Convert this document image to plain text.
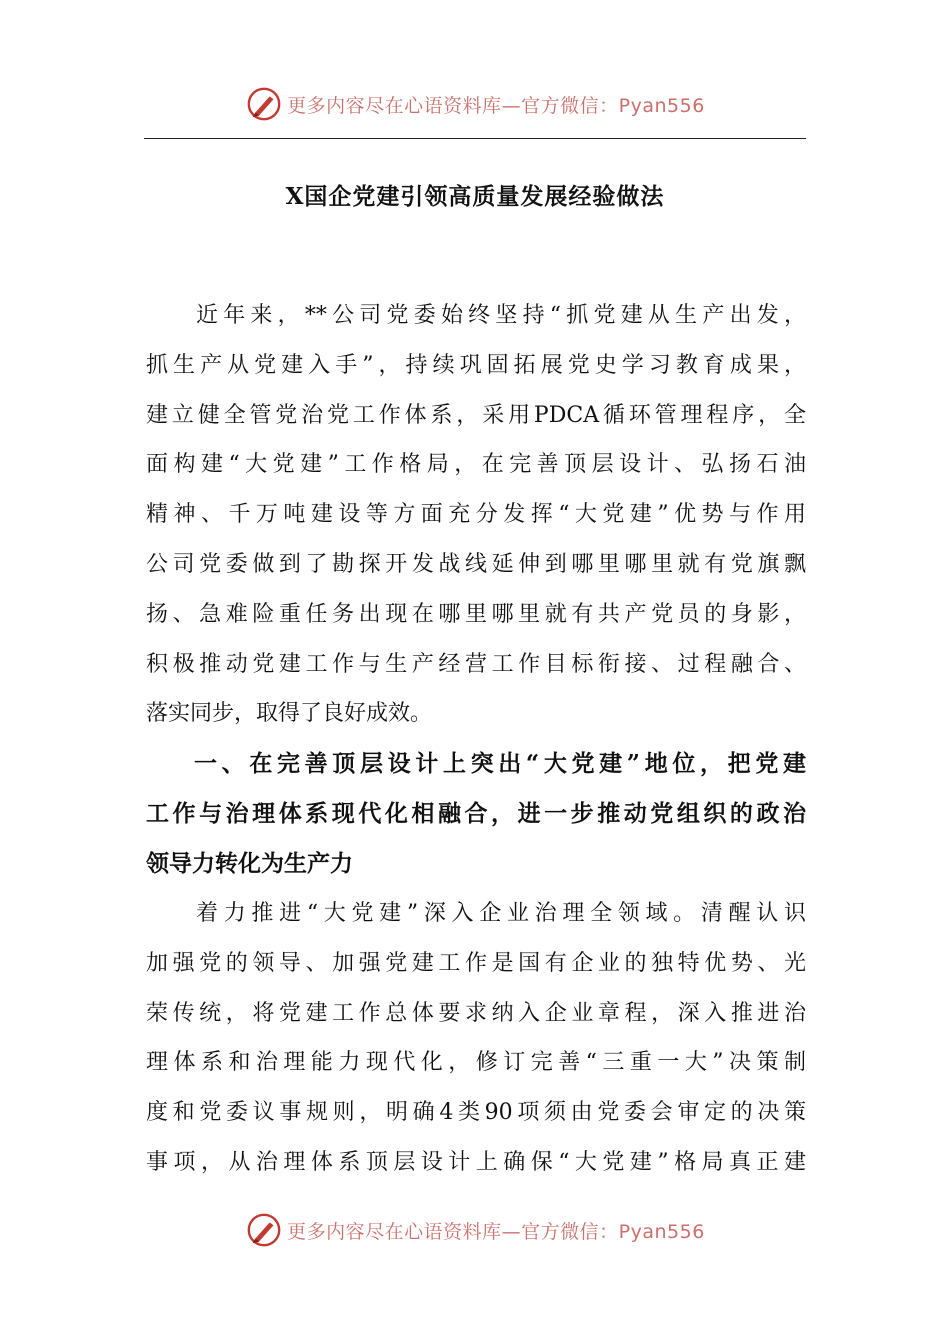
更多内容尽在心语资料库—官方微信：Pyan556
X国企党建引领高质量发展经验做法
近年来，**公司党委始终坚持“抓党建从生产出发，
抓生产从党建入手”，持续巩固拓展党史学习教育成果，
建立健全管党治党工作体系，采用PDCA循环管理程序，全
面构建“大党建”工作格局，在完善顶层设计、弘扬石油
精神、千万吨建设等方面充分发挥“大党建”优势与作用
公司党委做到了勘探开发战线延伸到哪里哪里就有党旗飘
扬、急难险重任务出现在哪里哪里就有共产党员的身影，
积极推动党建工作与生产经营工作目标衔接、过程融合、
落实同步，取得了良好成效。
一、在完善顶层设计上突出“大党建”地位，把党建
工作与治理体系现代化相融合，进一步推动党组织的政治
领导力转化为生产力
着力推进“大党建”深入企业治理全领域。清醒认识
加强党的领导、加强党建工作是国有企业的独特优势、光
荣传统，将党建工作总体要求纳入企业章程，深入推进治
理体系和治理能力现代化，修订完善“三重一大”决策制
度和党委议事规则，明确4类90项须由党委会审定的决策
事项，从治理体系顶层设计上确保“大党建”格局真正建
更多内容尽在心语资料库—官方微信：Pyan556
